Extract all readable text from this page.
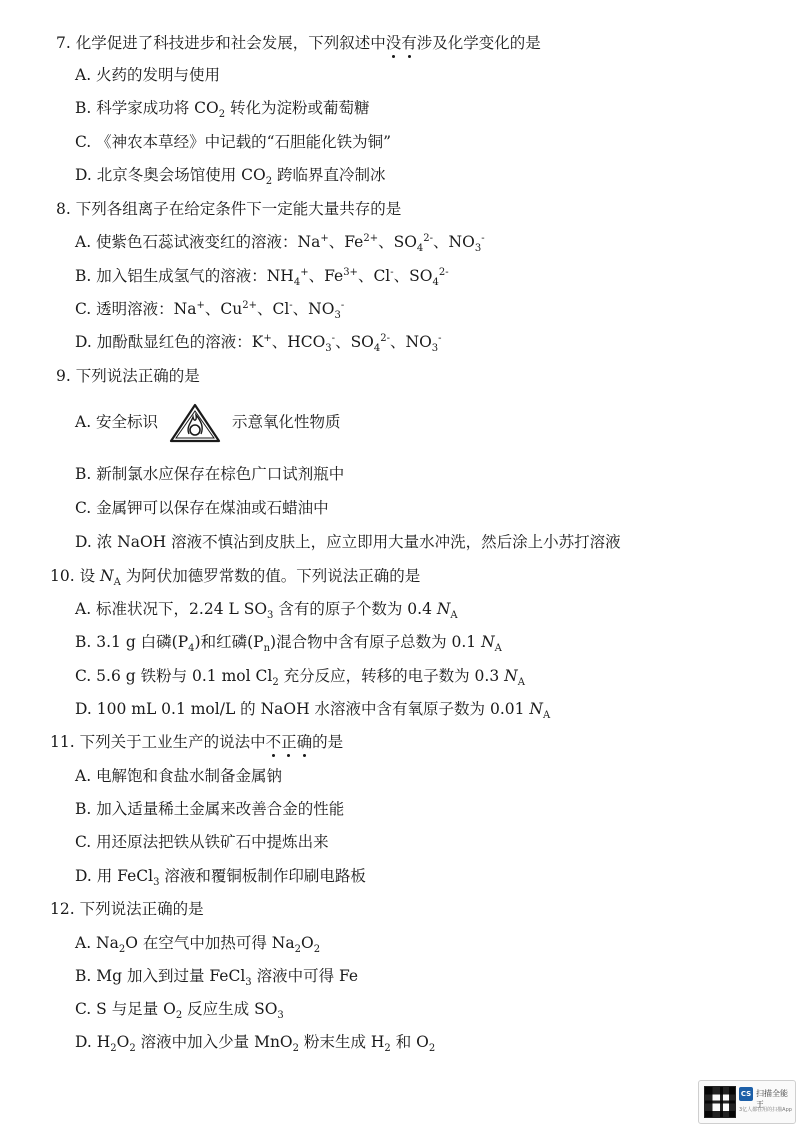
7. 化学促进了科技进步和社会发展，下列叙述中没有涉及化学变化的是
A. 火药的发明与使用
B. 科学家成功将 $CO_2$ 转化为淀粉或葡萄糖
C. 《神农本草经》中记载的“石胆能化铁为铜”
D. 北京冬奥会场馆使用 $CO_2$ 跨临界直冷制冰
8. 下列各组离子在给定条件下一定能大量共存的是
A. 使紫色石蕊试液变红的溶液：Na+、$Fe^{2+}$、$SO_4^{2-}$、$NO_3^-$
B. 加入铝生成氢气的溶液：$NH_4^+$、$Fe^{3+}$、Cl-、$SO_4^{2-}$
C. 透明溶液：Na+、$Cu^{2+}$、Cl-、$NO_3^-$
D. 加酚酞显红色的溶液：K+、$HCO_3^-$、$SO_4^{2-}$、$NO_3^-$
9. 下列说法正确的是
A. 安全标识	示意氧化性物质
B. 新制氯水应保存在棕色广口试剂瓶中
C. 金属钾可以保存在煤油或石蜡油中
D. 浓 NaOH 溶液不慎沾到皮肤上，应立即用大量水冲洗，然后涂上小苏打溶液
10. 设 $N_A$ 为阿伏加德罗常数的值。下列说法正确的是
A. 标准状况下，2.24 L $SO_3$ 含有的原子个数为 0.4 $N_A$
B. 3.1 g 白磷$(P_4)$和红磷$(P_n)$混合物中含有原子总数为 0.1 $N_A$
C. 5.6 g 铁粉与 0.1 mol $Cl_2$ 充分反应，转移的电子数为 0.3 $N_A$
D. 100 mL 0.1 mol/L 的 NaOH 水溶液中含有氧原子数为 0.01 $N_A$
11. 下列关于工业生产的说法中不正确的是
A. 电解饱和食盐水制备金属钠
B. 加入适量稀土金属来改善合金的性能
C. 用还原法把铁从铁矿石中提炼出来
D. 用 FeCl$_3$ 溶液和覆铜板制作印刷电路板
12. 下列说法正确的是
A. $Na_2O$ 在空气中加热可得 $Na_2O_2$
B. Mg 加入到过量 FeCl$_3$ 溶液中可得 Fe
C. S 与足量 $O_2$ 反应生成 $SO_3$
D. $H_2O_2$ 溶液中加入少量 MnO$_2$ 粉末生成 $H_2$ 和 $O_2$
CS 扫描全能王
3亿人都在用的扫描App
